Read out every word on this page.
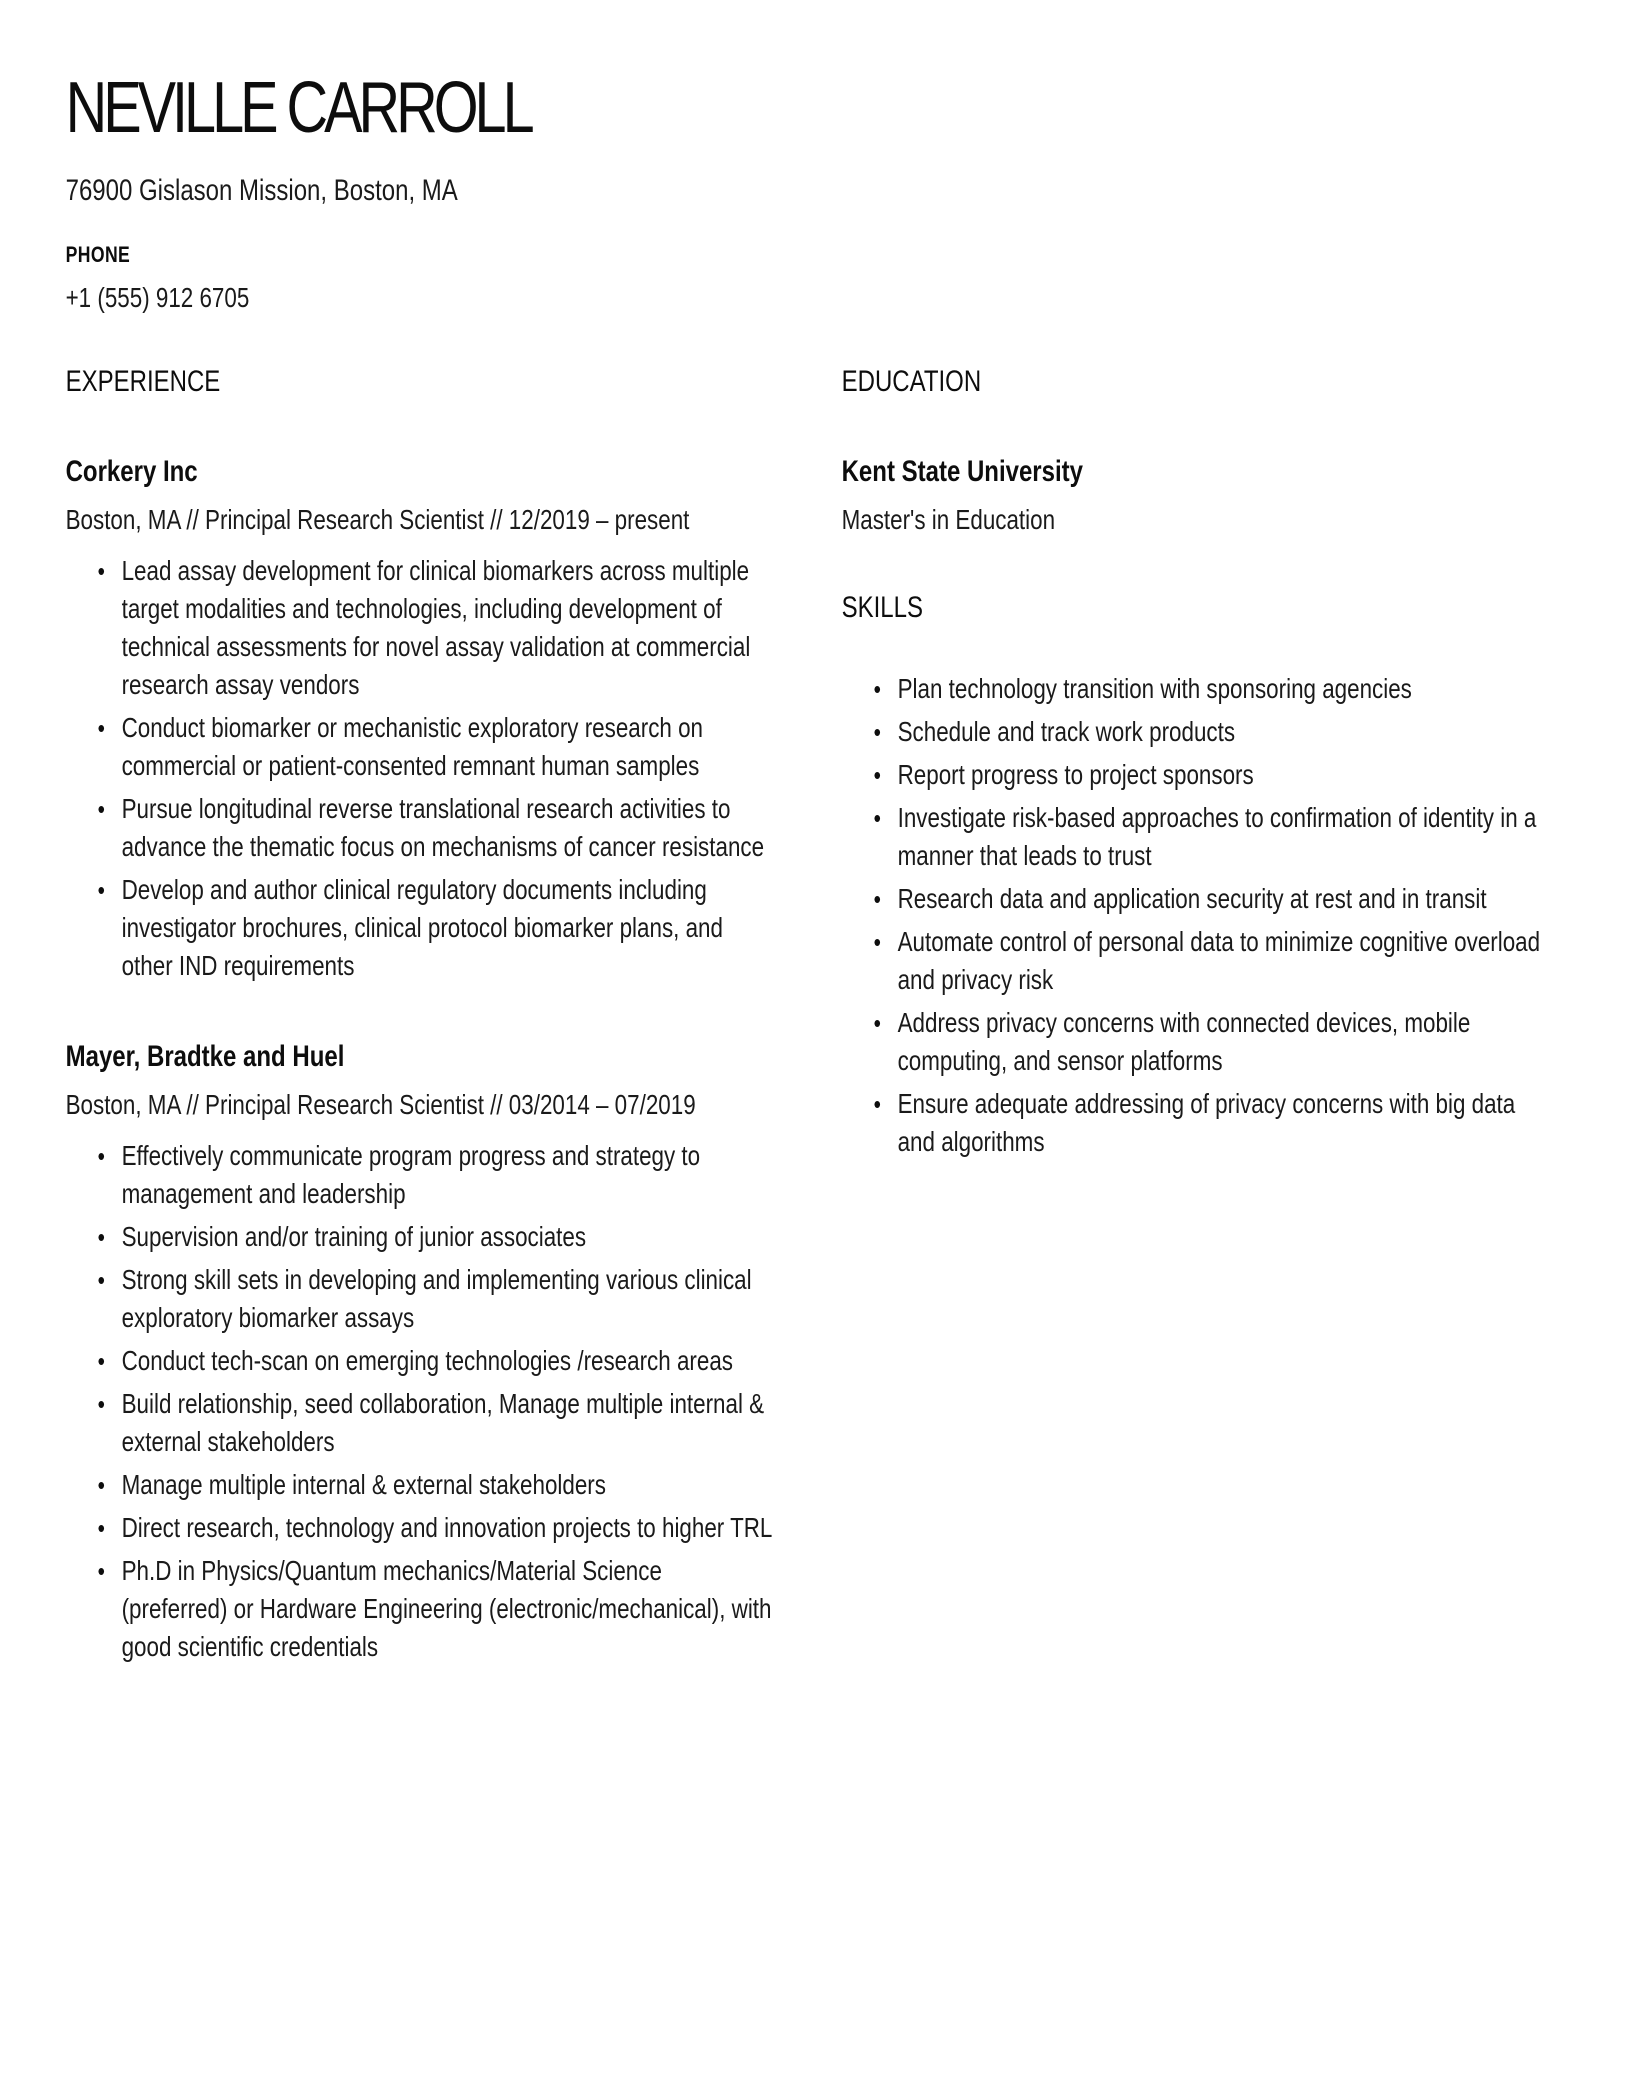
NEVILLE CARROLL
76900 Gislason Mission, Boston, MA
PHONE
+1 (555) 912 6705
EXPERIENCE
Corkery Inc
Boston, MA // Principal Research Scientist // 12/2019 – present
• Lead assay development for clinical biomarkers across multiple target modalities and technologies, including development of technical assessments for novel assay validation at commercial research assay vendors
• Conduct biomarker or mechanistic exploratory research on commercial or patient-consented remnant human samples
• Pursue longitudinal reverse translational research activities to advance the thematic focus on mechanisms of cancer resistance
• Develop and author clinical regulatory documents including investigator brochures, clinical protocol biomarker plans, and other IND requirements
Mayer, Bradtke and Huel
Boston, MA // Principal Research Scientist // 03/2014 – 07/2019
• Effectively communicate program progress and strategy to management and leadership
• Supervision and/or training of junior associates
• Strong skill sets in developing and implementing various clinical exploratory biomarker assays
• Conduct tech-scan on emerging technologies /research areas
• Build relationship, seed collaboration, Manage multiple internal & external stakeholders
• Manage multiple internal & external stakeholders
• Direct research, technology and innovation projects to higher TRL
• Ph.D in Physics/Quantum mechanics/Material Science (preferred) or Hardware Engineering (electronic/mechanical), with good scientific credentials
EDUCATION
Kent State University
Master's in Education
SKILLS
• Plan technology transition with sponsoring agencies
• Schedule and track work products
• Report progress to project sponsors
• Investigate risk-based approaches to confirmation of identity in a manner that leads to trust
• Research data and application security at rest and in transit
• Automate control of personal data to minimize cognitive overload and privacy risk
• Address privacy concerns with connected devices, mobile computing, and sensor platforms
• Ensure adequate addressing of privacy concerns with big data and algorithms
